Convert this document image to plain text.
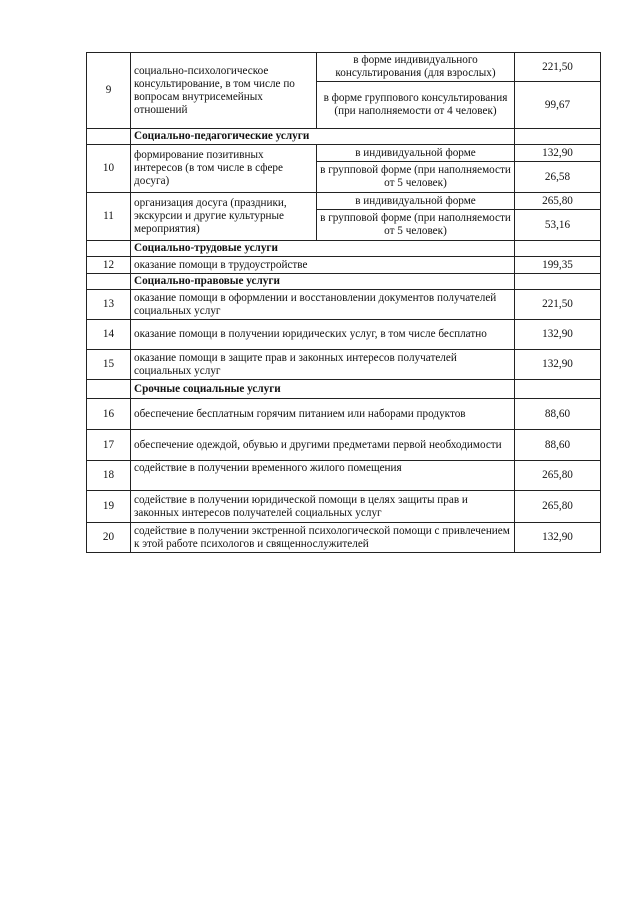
9	социально-психологическое консультирование, в том числе по вопросам внутрисемейных отношений	в форме индивидуального консультирования (для взрослых)	221,50
		в форме группового консультирования (при наполняемости от 4 человек)	99,67
	Социально-педагогические услуги		
10	формирование позитивных интересов (в том числе в сфере досуга)	в индивидуальной форме	132,90
		в групповой форме (при наполняемости от 5 человек)	26,58
11	организация досуга (праздники, экскурсии и другие культурные мероприятия)	в индивидуальной форме	265,80
		в групповой форме (при наполняемости от 5 человек)	53,16
	Социально-трудовые услуги		
12	оказание помощи в трудоустройстве		199,35
	Социально-правовые услуги		
13	оказание помощи в оформлении и восстановлении документов получателей социальных услуг		221,50
14	оказание помощи в получении юридических услуг, в том числе бесплатно		132,90
15	оказание помощи в защите прав и законных интересов получателей социальных услуг		132,90
	Срочные социальные услуги		
16	обеспечение бесплатным горячим питанием или наборами продуктов		88,60
17	обеспечение одеждой, обувью и другими предметами первой необходимости		88,60
18	содействие в получении временного жилого помещения		265,80
19	содействие в получении юридической помощи в целях защиты прав и законных интересов получателей социальных услуг		265,80
20	содействие в получении экстренной психологической помощи с привлечением к этой работе психологов и священнослужителей		132,90
